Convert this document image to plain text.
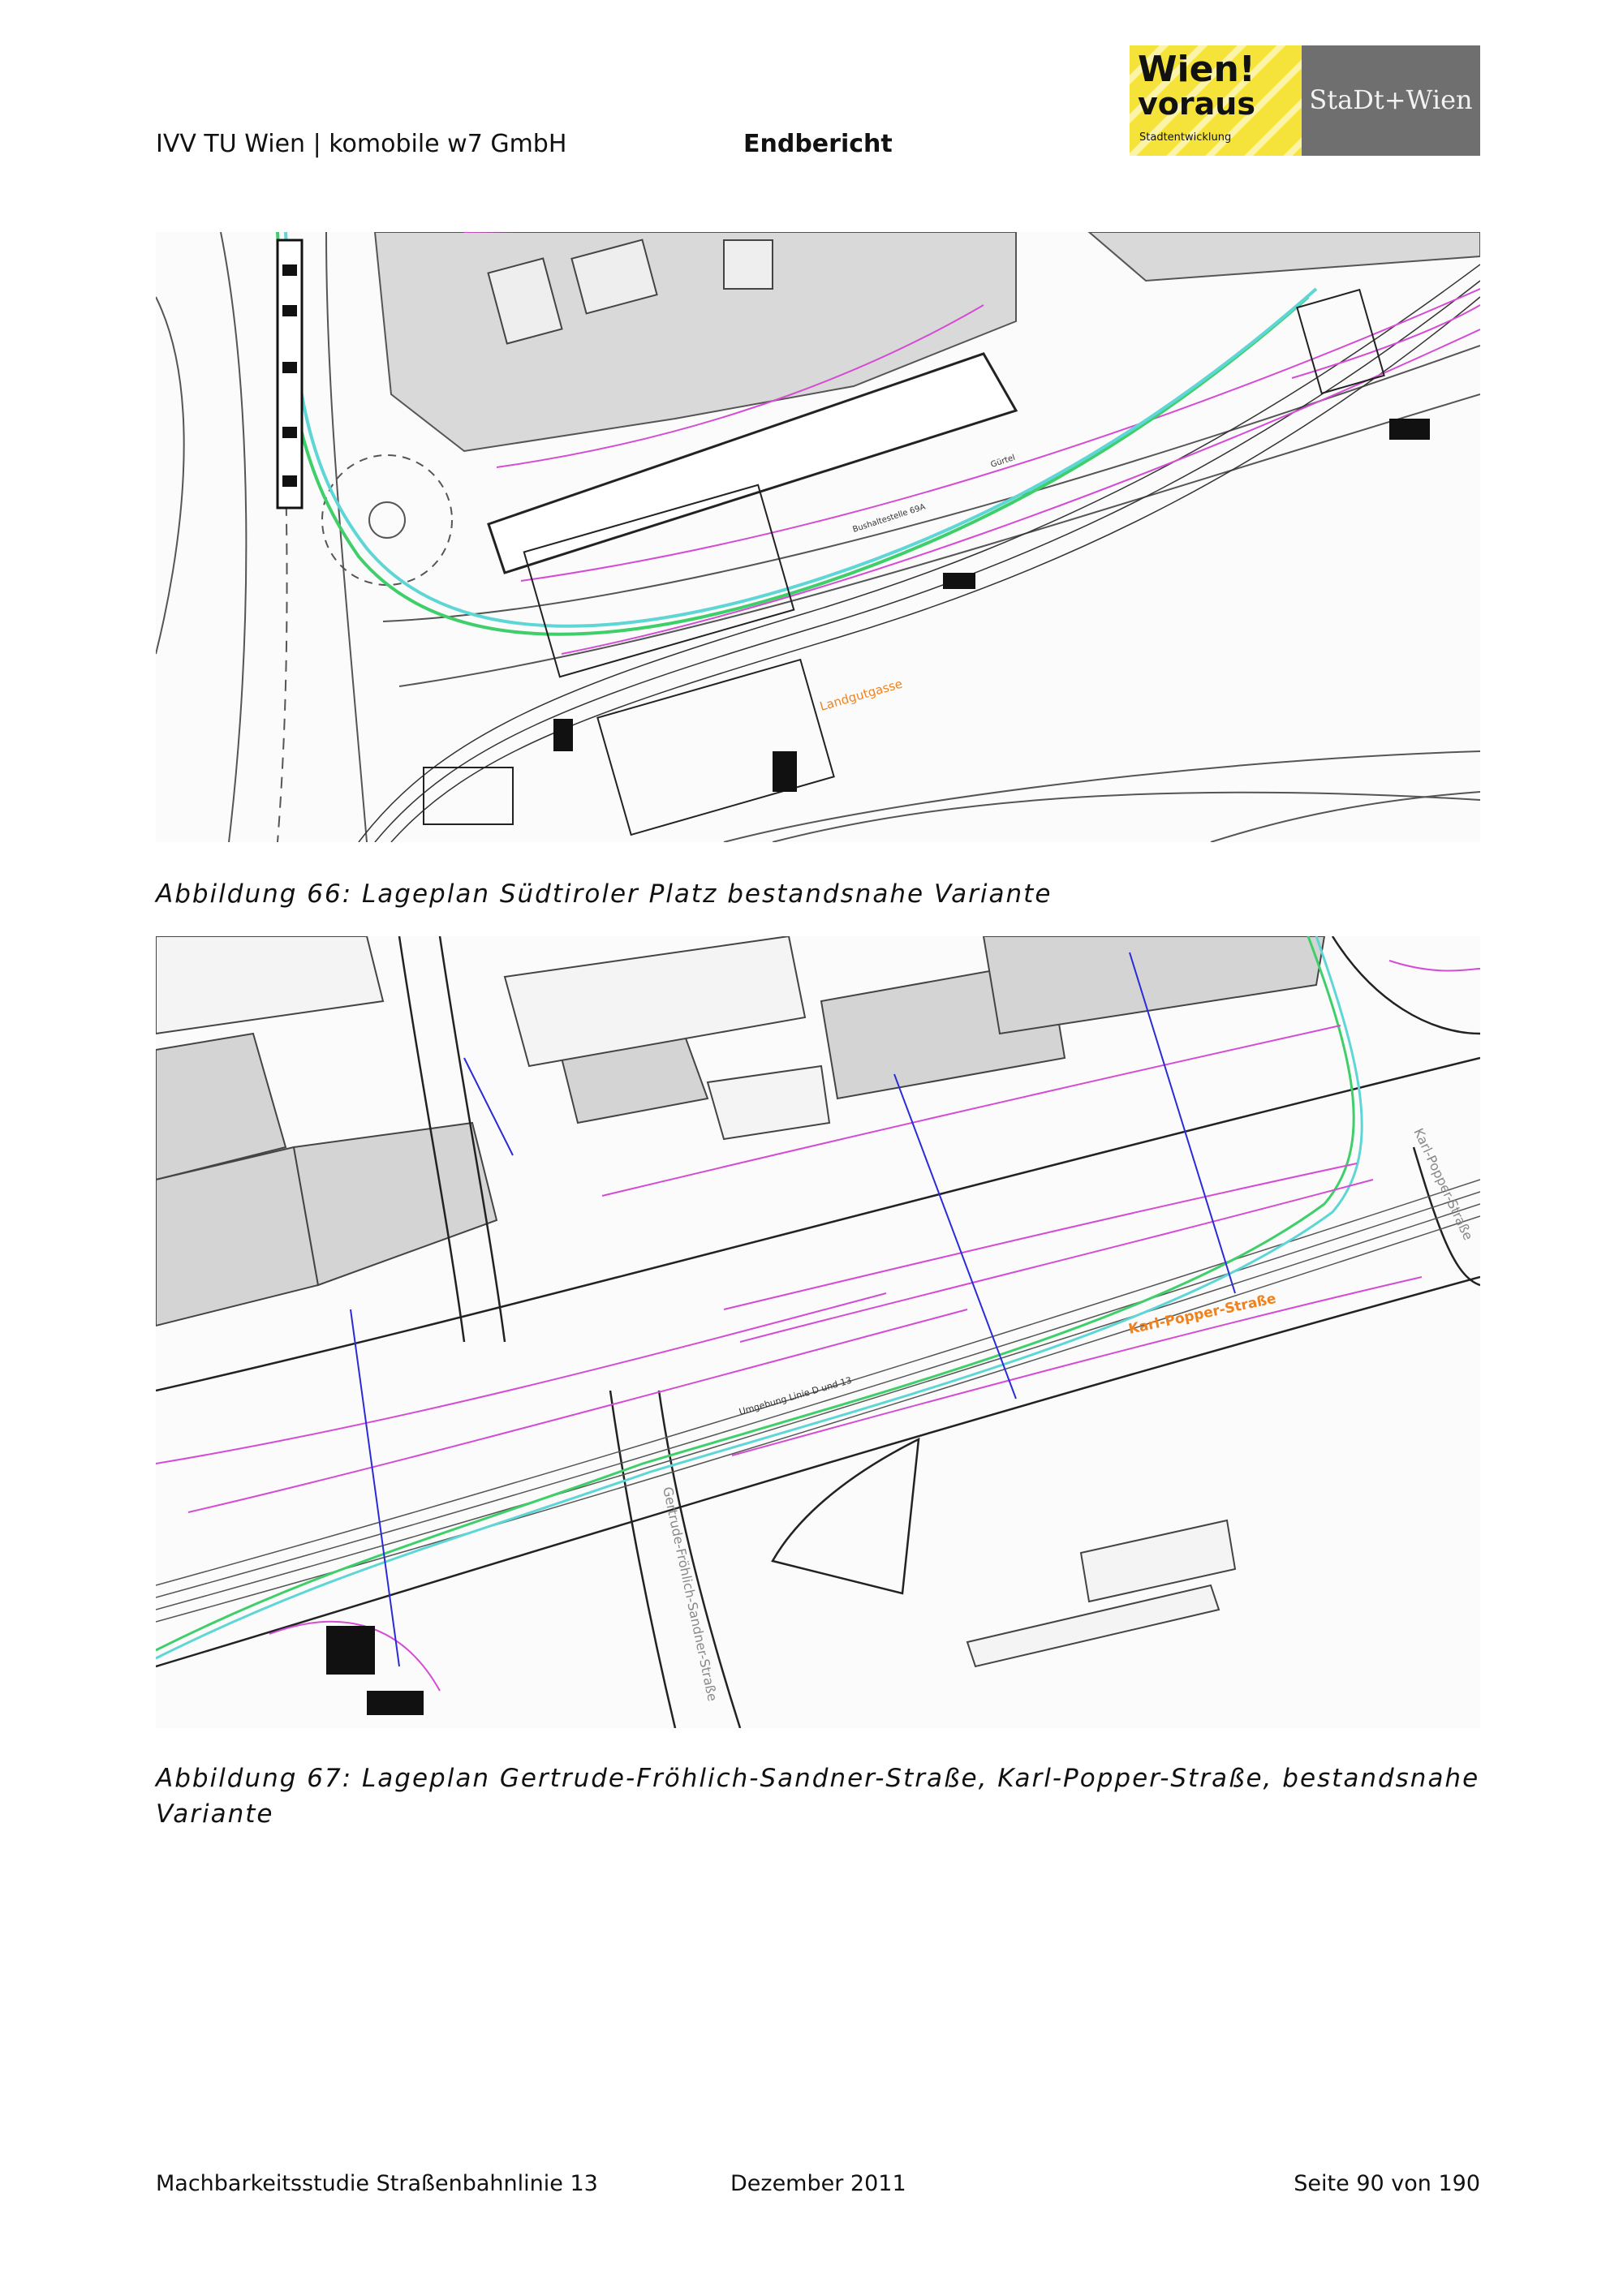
IVV TU Wien | komobile w7 GmbH	Endbericht
Wien!
voraus
Stadtentwicklung
StaDt+Wien
Landgutgasse
Bushaltestelle 69A
Gürtel
Abbildung 66: Lageplan Südtiroler Platz bestandsnahe Variante
Karl-Popper-Straße
Karl-Popper-Straße
Gertrude-Fröhlich-Sandner-Straße
Umgebung Linie D und 13
Abbildung 67: Lageplan Gertrude-Fröhlich-Sandner-Straße, Karl-Popper-Straße, bestandsnahe
Variante
Machbarkeitsstudie Straßenbahnlinie 13	Dezember 2011	Seite 90 von 190
